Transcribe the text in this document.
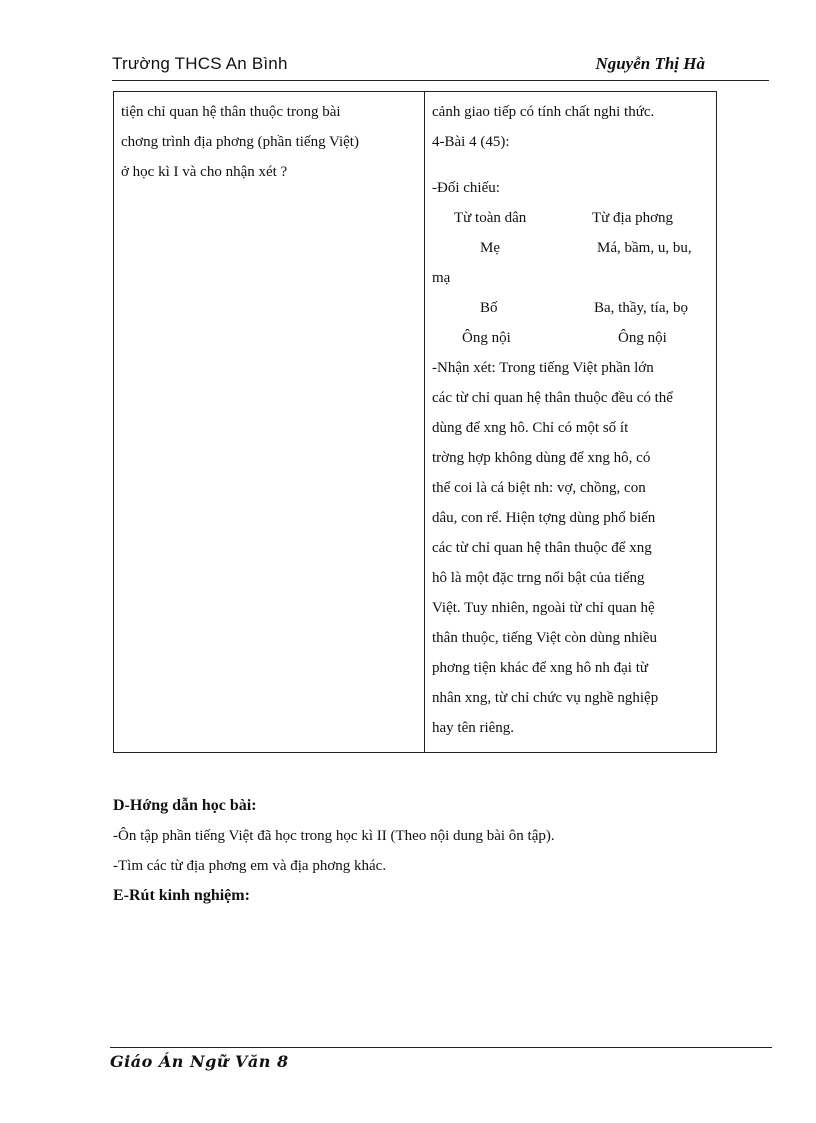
Trường THCS An Bình	Nguyễn Thị Hà
tiện chỉ quan hệ thân thuộc trong bài
chơng trình địa phơng (phần tiếng Việt)
ở học kì I và cho nhận xét ?
cảnh giao tiếp có tính chất nghi thức.
4-Bài 4 (45):
-Đối chiếu:
Từ toàn dân	Từ địa phơng
Mẹ	Má, bầm, u, bu,
mạ
Bố	Ba, thầy, tía, bọ
Ông nội	Ông nội
-Nhận xét: Trong tiếng Việt phần lớn
các từ chỉ quan hệ thân thuộc đều có thể
dùng để xng hô. Chỉ có một số ít
trờng hợp không dùng để xng hô, có
thể coi là cá biệt nh: vợ, chồng, con
dâu, con rể. Hiện tợng dùng phổ biến
các từ chỉ quan hệ thân thuộc để xng
hô là một đặc trng nổi bật của tiếng
Việt. Tuy nhiên, ngoài từ chỉ quan hệ
thân thuộc, tiếng Việt còn dùng nhiều
phơng tiện khác để xng hô nh đại từ
nhân xng, từ chỉ chức vụ nghề nghiệp
hay tên riêng.
D-Hớng dẫn học bài:
-Ôn tập phần tiếng Việt đã học trong học kì II (Theo nội dung bài ôn tập).
-Tìm các từ địa phơng em và địa phơng khác.
E-Rút kinh nghiệm:
Giáo Án Ngữ Văn 8
